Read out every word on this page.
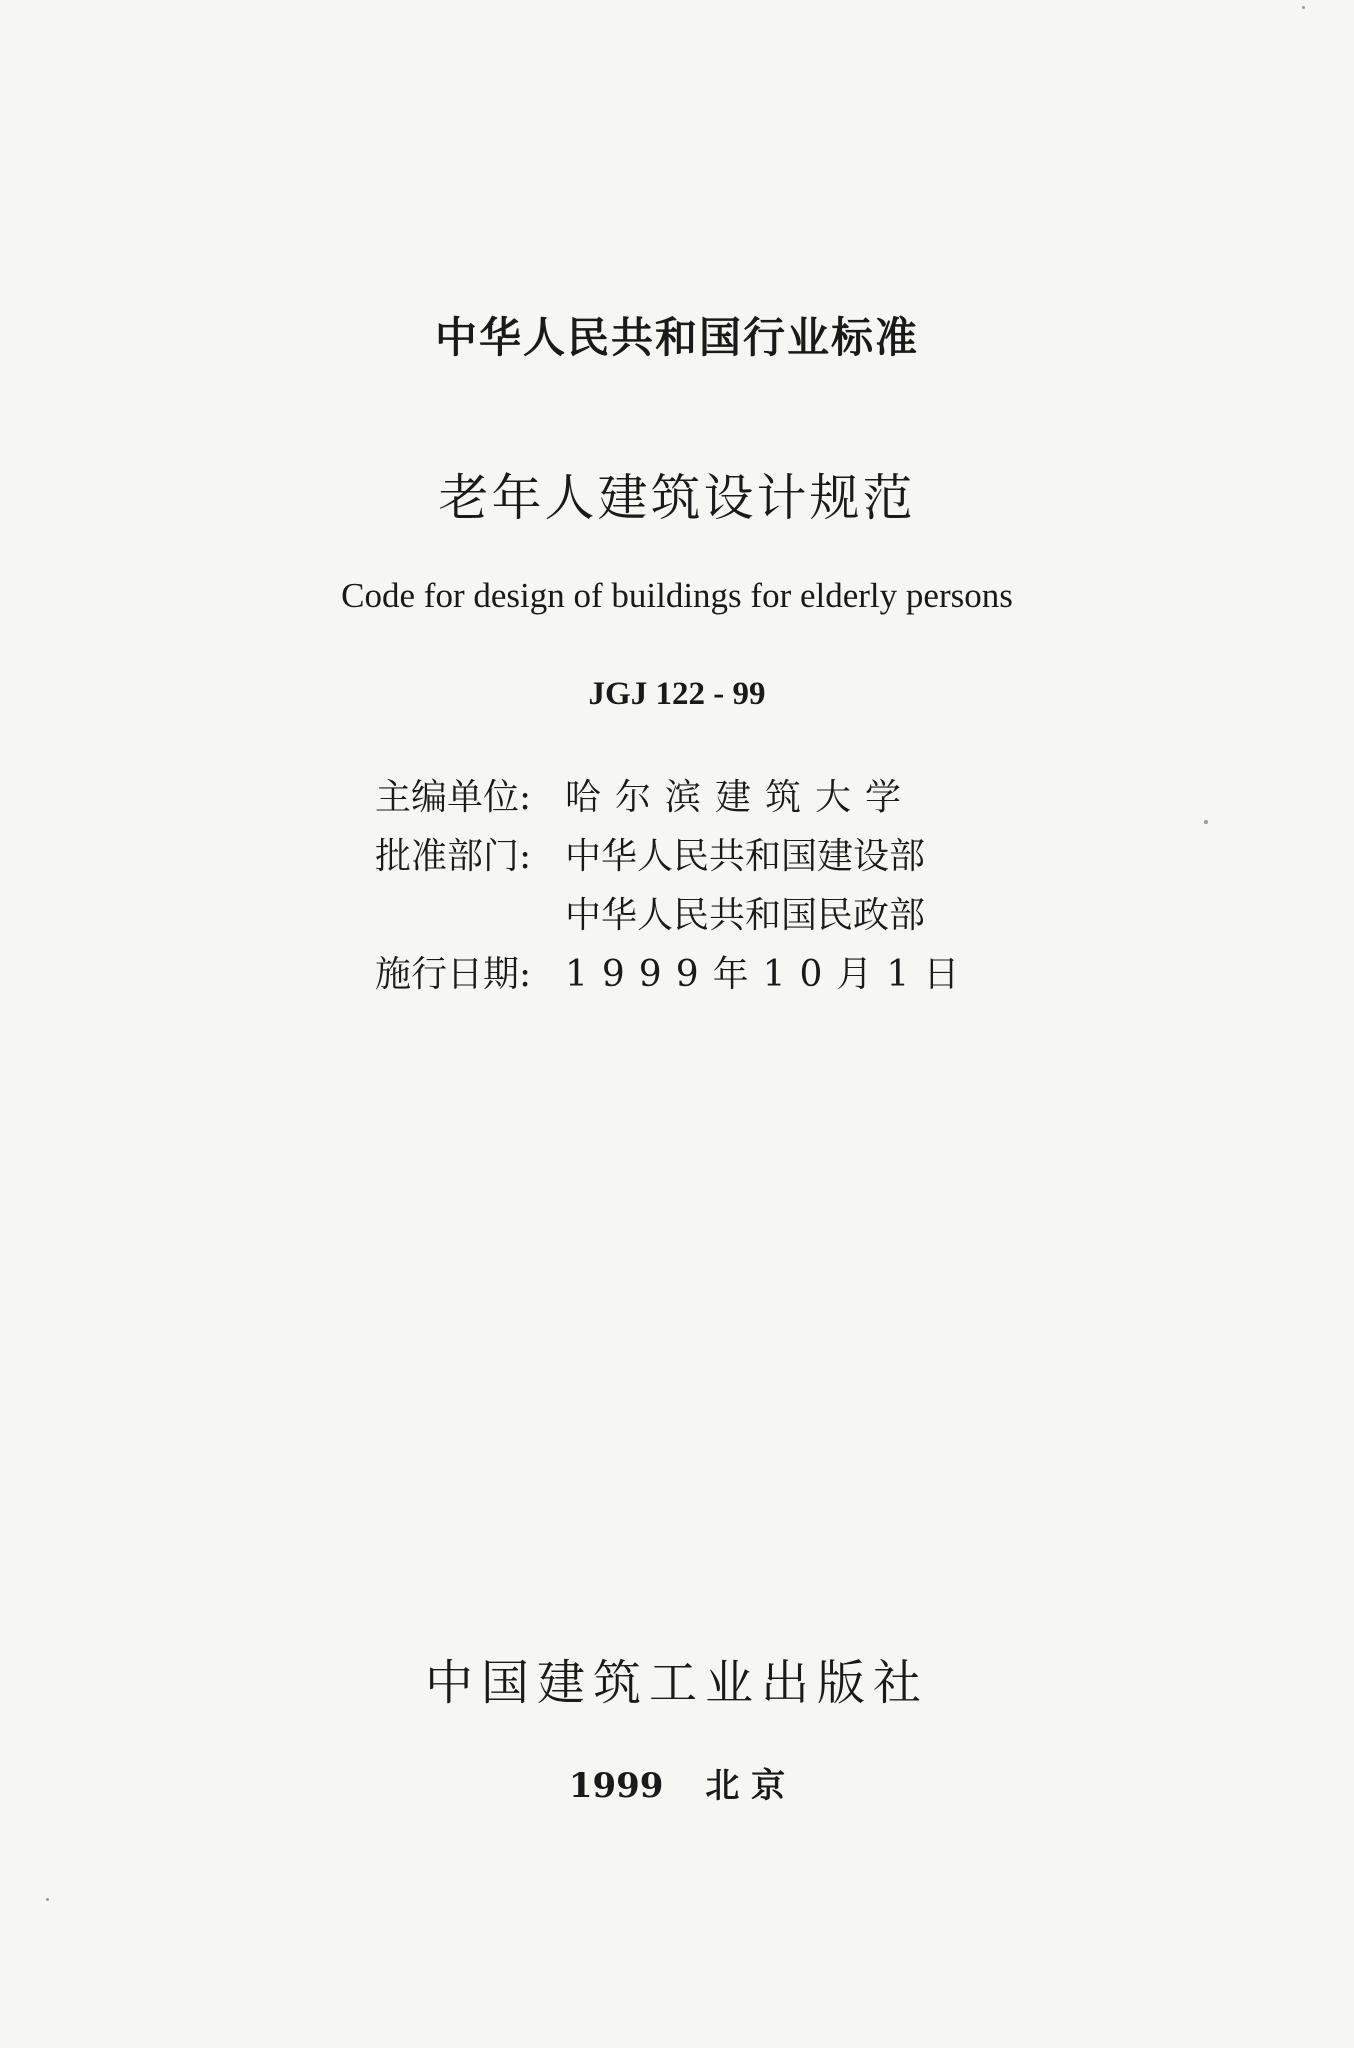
中华人民共和国行业标准
老年人建筑设计规范
Code for design of buildings for elderly persons
JGJ 122 - 99
主编单位: 哈尔滨建筑大学
批准部门: 中华人民共和国建设部
中华人民共和国民政部
施行日期: 1999年10月1日
中国建筑工业出版社
1999 北 京
